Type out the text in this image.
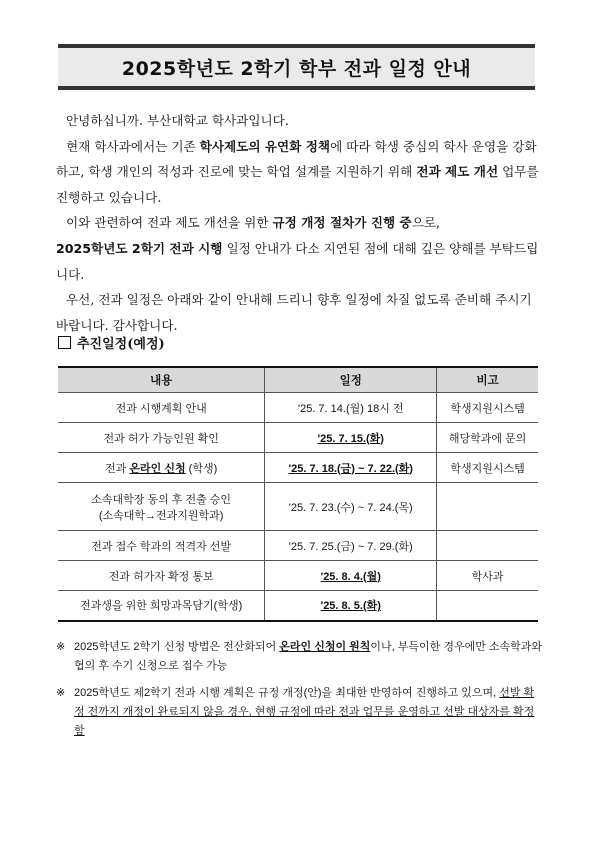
2025학년도 2학기 학부 전과 일정 안내

안녕하십니까. 부산대학교 학사과입니다.

현재 학사과에서는 기존 학사제도의 유연화 정책에 따라 학생 중심의 학사 운영을 강화하고, 학생 개인의 적성과 진로에 맞는 학업 설계를 지원하기 위해 전과 제도 개선 업무를 진행하고 있습니다.

이와 관련하여 전과 제도 개선을 위한 규정 개정 절차가 진행 중으로,
2025학년도 2학기 전과 시행 일정 안내가 다소 지연된 점에 대해 깊은 양해를 부탁드립니다.

우선, 전과 일정은 아래와 같이 안내해 드리니 향후 일정에 차질 없도록 준비해 주시기 바랍니다. 감사합니다.

추진일정(예정)
내용	일정	비고
전과 시행계획 안내	'25. 7. 14.(월) 18시 전	학생지원시스템
전과 허가 가능인원 확인	'25. 7. 15.(화)	해당학과에 문의
전과 온라인 신청 (학생)	'25. 7. 18.(금) ~ 7. 22.(화)	학생지원시스템

소속대학장 동의 후 전출 승인
(소속대학→전과지원학과)	'25. 7. 23.(수) ~ 7. 24.(목)	
전과 접수 학과의 적격자 선발	'25. 7. 25.(금) ~ 7. 29.(화)	
전과 허가자 확정 통보	'25. 8. 4.(월)	학사과
전과생을 위한 희망과목담기(학생)	'25. 8. 5.(화)	
※ 2025학년도 2학기 신청 방법은 전산화되어 온라인 신청이 원칙이나, 부득이한 경우에만 소속학과와 협의 후 수기 신청으로 접수 가능
※ 2025학년도 제2학기 전과 시행 계획은 규정 개정(안)을 최대한 반영하여 진행하고 있으며, 선발 확정 전까지 개정이 완료되지 않을 경우, 현행 규정에 따라 전과 업무를 운영하고 선발 대상자를 확정함
